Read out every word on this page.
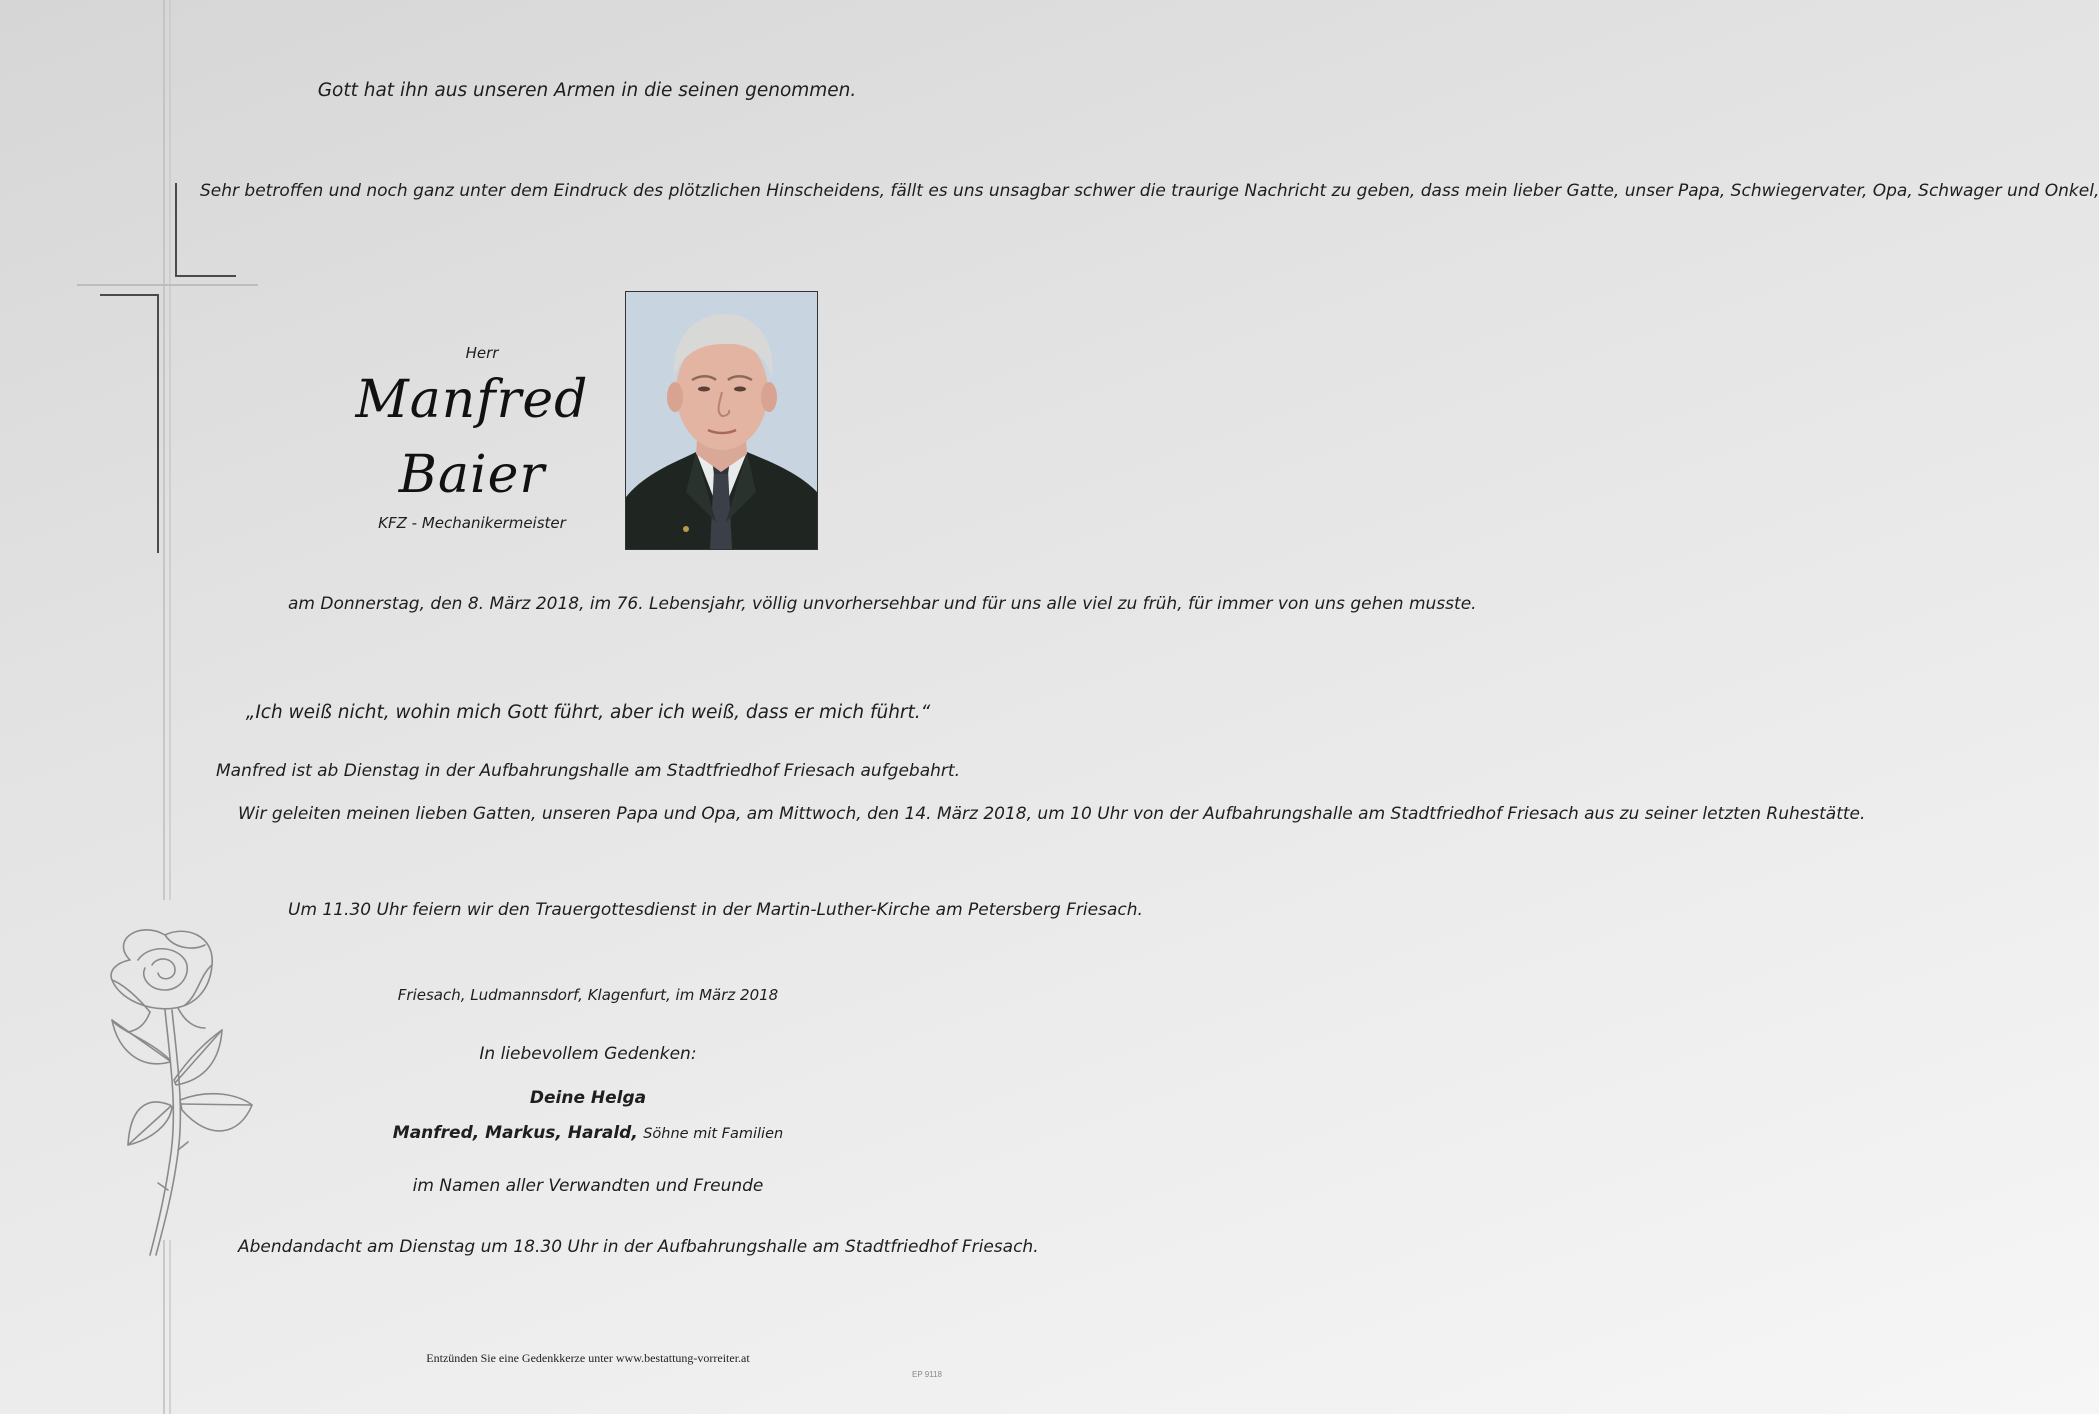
Gott hat ihn aus unseren Armen in die seinen genommen.
Sehr betroffen und noch ganz unter dem Eindruck des plötzlichen Hinscheidens, fällt es uns unsagbar schwer die traurige Nachricht zu geben, dass mein lieber Gatte, unser Papa, Schwiegervater, Opa, Schwager und Onkel,
Herr
Manfred
Baier
KFZ - Mechanikermeister
am Donnerstag, den 8. März 2018, im 76. Lebensjahr, völlig unvorhersehbar und für uns alle viel zu früh, für immer von uns gehen musste.
„Ich weiß nicht, wohin mich Gott führt, aber ich weiß, dass er mich führt.“
Manfred ist ab Dienstag in der Aufbahrungshalle am Stadtfriedhof Friesach aufgebahrt.
Wir geleiten meinen lieben Gatten, unseren Papa und Opa, am Mittwoch, den 14. März 2018, um 10 Uhr von der Aufbahrungshalle am Stadtfriedhof Friesach aus zu seiner letzten Ruhestätte.
Um 11.30 Uhr feiern wir den Trauergottesdienst in der Martin-Luther-Kirche am Petersberg Friesach.
Friesach, Ludmannsdorf, Klagenfurt, im März 2018
In liebevollem Gedenken:
Deine Helga
Manfred, Markus, Harald, Söhne mit Familien
im Namen aller Verwandten und Freunde
Abendandacht am Dienstag um 18.30 Uhr in der Aufbahrungshalle am Stadtfriedhof Friesach.
Entzünden Sie eine Gedenkkerze unter www.bestattung-vorreiter.at
EP 9118
